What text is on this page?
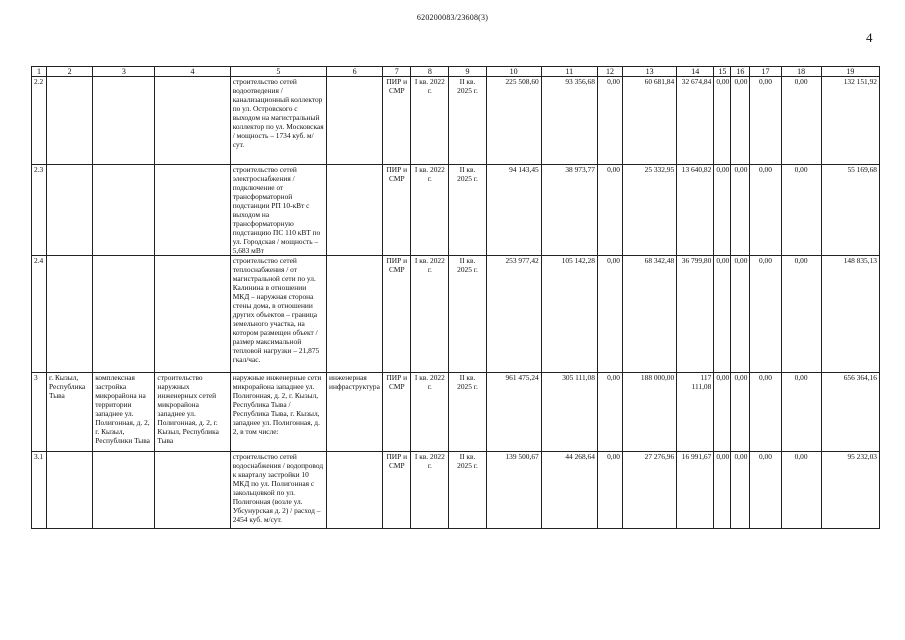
620200083/23608(3)
4
1	2	3	4	5	6	7	8	9	10	11	12	13	14	15	16	17	18	19
2.2				строительство сетей водоотведения / канализационный коллектор по ул. Островского с выходом на магистральный коллектор по ул. Московская / мощность – 1734 куб. м/сут.		ПИР и СМР	I кв. 2022 г.	II кв. 2025 г.	225 508,60	93 356,68	0,00	60 681,84	32 674,84	0,00	0,00	0,00	0,00	132 151,92
2.3				строительство сетей электроснабжения / подключение от трансформаторной подстанции РП 10-кВт с выходом на трансформаторную подстанцию ПС 110 кВТ по ул. Городская / мощность – 5,683 мВт		ПИР и СМР	I кв. 2022 г.	II кв. 2025 г.	94 143,45	38 973,77	0,00	25 332,95	13 640,82	0,00	0,00	0,00	0,00	55 169,68
2.4				строительство сетей теплоснабжения / от магистральной сети по ул. Калинина в отношении МКД – наружная сторона стены дома, в отношении других объектов – граница земельного участка, на котором размещен объект / размер максимальной тепловой нагрузки – 21,875 гкал/час.		ПИР и СМР	I кв. 2022 г.	II кв. 2025 г.	253 977,42	105 142,28	0,00	68 342,48	36 799,80	0,00	0,00	0,00	0,00	148 835,13
3	г. Кызыл, Республика Тыва	комплексная застройка микрорайона на территории западнее ул. Полигонная, д. 2, г. Кызыл, Республики Тыва	строительство наружных инженерных сетей микрорайона западнее ул. Полигонная, д. 2, г. Кызыл, Республика Тыва	наружные инженерные сети микрорайона западнее ул. Полигонная, д. 2, г. Кызыл, Республика Тыва / Республика Тыва, г. Кызыл, западнее ул. Полигонная, д. 2, в том числе:	инженерная инфраструктура	ПИР и СМР	I кв. 2022 г.	II кв. 2025 г.	961 475,24	305 111,08	0,00	188 000,00	117 111,08	0,00	0,00	0,00	0,00	656 364,16
3.1				строительство сетей водоснабжения / водопровод к кварталу застройки 10 МКД по ул. Полигонная с закольцовкой по ул. Полигонная (возле ул. Убсунурская д. 2) / расход – 2454 куб. м/сут.		ПИР и СМР	I кв. 2022 г.	II кв. 2025 г.	139 500,67	44 268,64	0,00	27 276,96	16 991,67	0,00	0,00	0,00	0,00	95 232,03
